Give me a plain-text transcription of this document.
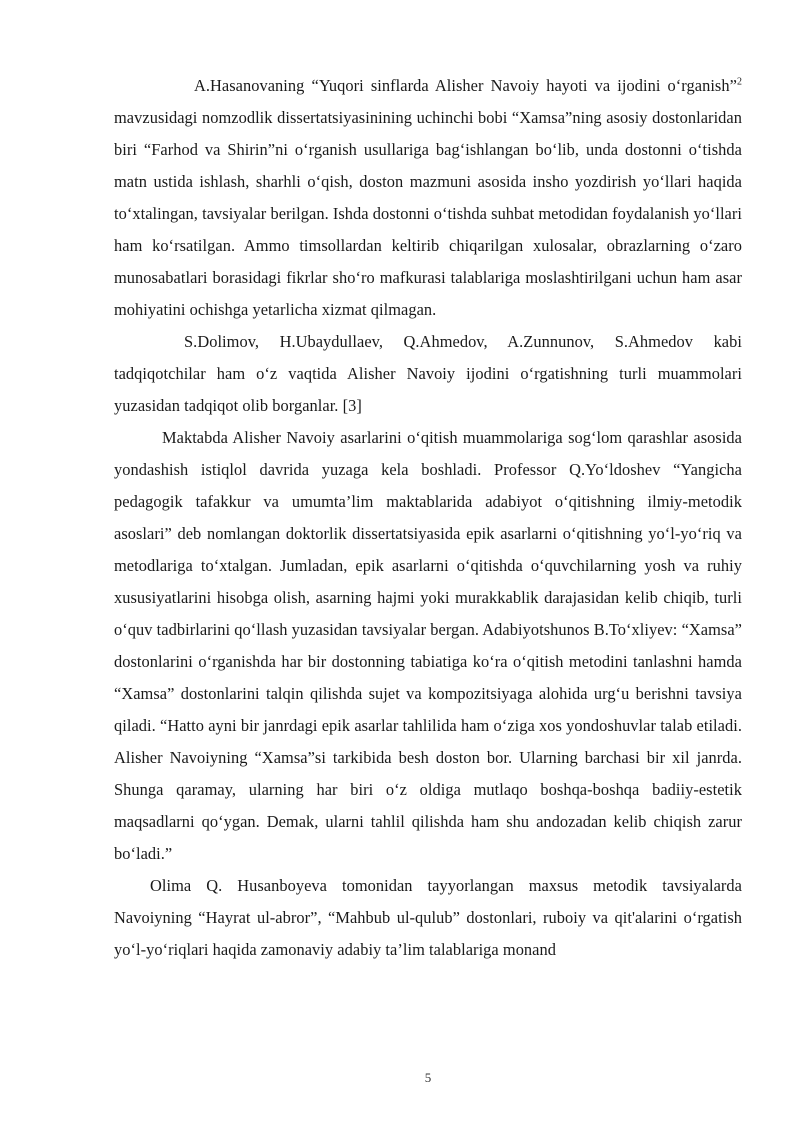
A.Hasanovaning “Yuqori sinflarda Alisher Navoiy hayoti va ijodini o‘rganish”$^2$ mavzusidagi nomzodlik dissertatsiyasinining uchinchi bobi “Xamsa”ning asosiy dostonlaridan biri “Farhod va Shirin”ni o‘rganish usullariga bag‘ishlangan bo‘lib, unda dostonni o‘tishda matn ustida ishlash, sharhli o‘qish, doston mazmuni asosida insho yozdirish yo‘llari haqida to‘xtalingan, tavsiyalar berilgan. Ishda dostonni o‘tishda suhbat metodidan foydalanish yo‘llari ham ko‘rsatilgan. Ammo timsollardan keltirib chiqarilgan xulosalar, obrazlarning o‘zaro munosabatlari borasidagi fikrlar sho‘ro mafkurasi talablariga moslashtirilgani uchun ham asar mohiyatini ochishga yetarlicha xizmat qilmagan.

S.Dolimov, H.Ubaydullaev, Q.Ahmedov, A.Zunnunov, S.Ahmedov kabi tadqiqotchilar ham o‘z vaqtida Alisher Navoiy ijodini o‘rgatishning turli muammolari yuzasidan tadqiqot olib borganlar. [3]

Maktabda Alisher Navoiy asarlarini o‘qitish muammolariga sog‘lom qarashlar asosida yondashish istiqlol davrida yuzaga kela boshladi. Professor Q.Yo‘ldoshev “Yangicha pedagogik tafakkur va umumta’lim maktablarida adabiyot o‘qitishning ilmiy-metodik asoslari” deb nomlangan doktorlik dissertatsiyasida epik asarlarni o‘qitishning yo‘l-yo‘riq va metodlariga to‘xtalgan. Jumladan, epik asarlarni o‘qitishda o‘quvchilarning yosh va ruhiy xususiyatlarini hisobga olish, asarning hajmi yoki murakkablik darajasidan kelib chiqib, turli o‘quv tadbirlarini qo‘llash yuzasidan tavsiyalar bergan. Adabiyotshunos B.To‘xliyev: “Xamsa” dostonlarini o‘rganishda har bir dostonning tabiatiga ko‘ra o‘qitish metodini tanlashni hamda “Xamsa” dostonlarini talqin qilishda sujet va kompozitsiyaga alohida urg‘u berishni tavsiya qiladi. “Hatto ayni bir janrdagi epik asarlar tahlilida ham o‘ziga xos yondoshuvlar talab etiladi. Alisher Navoiyning “Xamsa”si tarkibida besh doston bor. Ularning barchasi bir xil janrda. Shunga qaramay, ularning har biri o‘z oldiga mutlaqo boshqa-boshqa badiiy-estetik maqsadlarni qo‘ygan. Demak, ularni tahlil qilishda ham shu andozadan kelib chiqish zarur bo‘ladi.”

Olima Q. Husanboyeva tomonidan tayyorlangan maxsus metodik tavsiyalarda Navoiyning “Hayrat ul-abror”, “Mahbub ul-qulub” dostonlari, ruboiy va qit'alarini o‘rgatish yo‘l-yo‘riqlari haqida zamonaviy adabiy ta’lim talablariga monand

5
